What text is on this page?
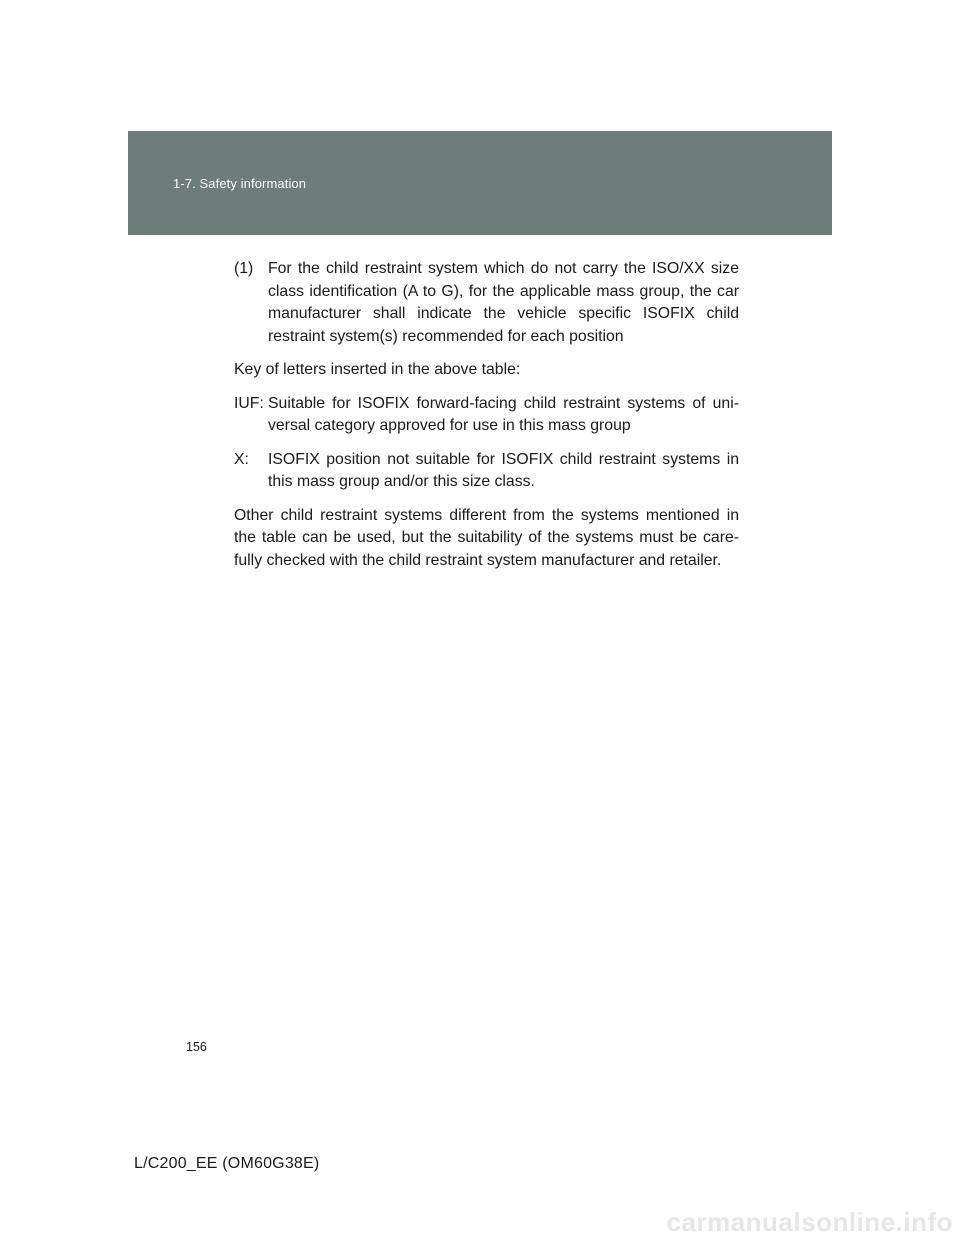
1-7. Safety information
(1) For the child restraint system which do not carry the ISO/XX size class identification (A to G), for the applicable mass group, the car manufacturer shall indicate the vehicle specific ISOFIX child restraint system(s) recommended for each position
Key of letters inserted in the above table:
IUF: Suitable for ISOFIX forward-facing child restraint systems of uni- versal category approved for use in this mass group
X:	ISOFIX position not suitable for ISOFIX child restraint systems in this mass group and/or this size class.
Other child restraint systems different from the systems mentioned in the table can be used, but the suitability of the systems must be care- fully checked with the child restraint system manufacturer and retailer.
156
L/C200_EE (OM60G38E)
carmanualsonline.info
